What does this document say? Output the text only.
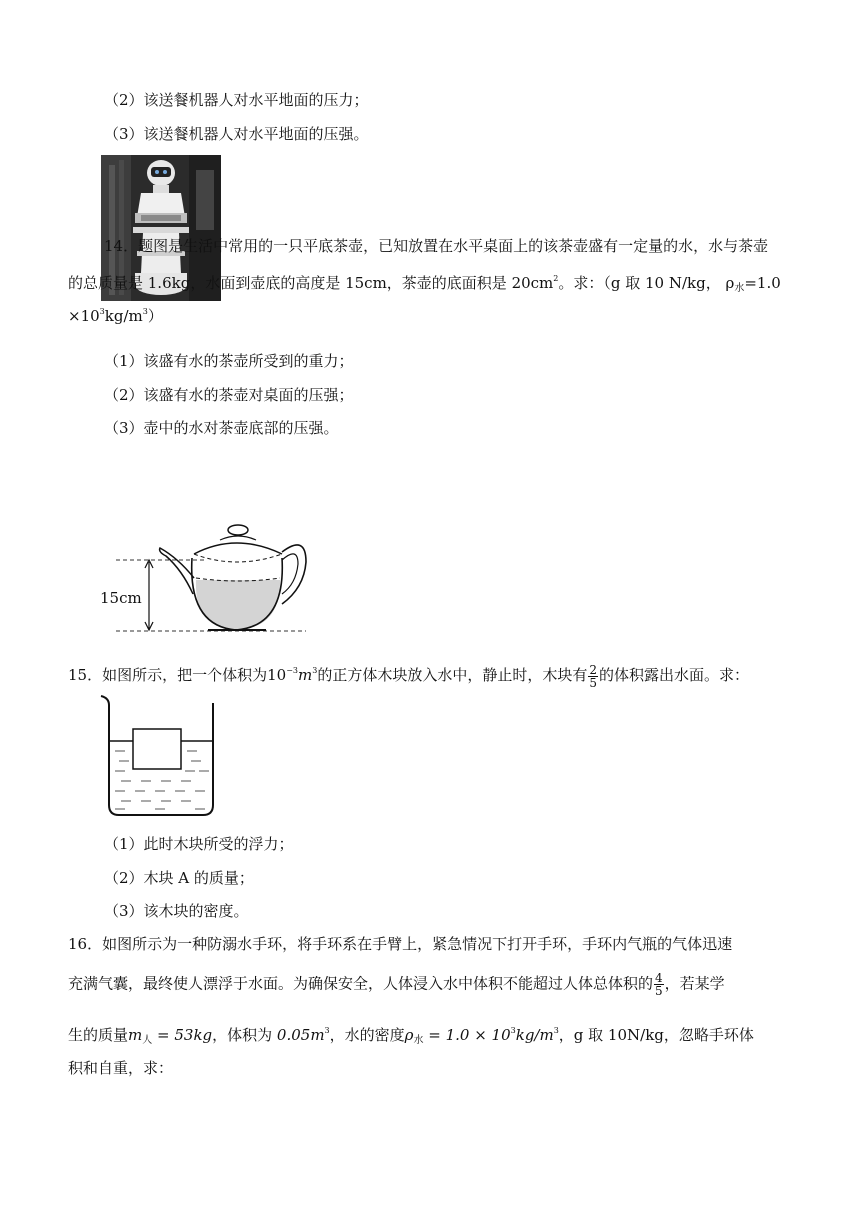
（2）该送餐机器人对水平地面的压力；
（3）该送餐机器人对水平地面的压强。
14．题图是生活中常用的一只平底茶壶，已知放置在水平桌面上的该茶壶盛有一定量的水，水与茶壶
的总质量是 1.6kg，水面到壶底的高度是 15cm，茶壶的底面积是 $20cm^2$。求：（g 取 10 N/kg， $\rho_水=1.0$
$\times 10^3kg/m^3$）
（1）该盛有水的茶壶所受到的重力；
（2）该盛有水的茶壶对桌面的压强；
（3）壶中的水对茶壶底部的压强。
15cm
15．如图所示，把一个体积为$10^{-3}m^3$的正方体木块放入水中，静止时，木块有 $\frac{2}{5}$ 的体积露出水面。求：
（1）此时木块所受的浮力；
（2）木块 A 的质量；
（3）该木块的密度。
16．如图所示为一种防溺水手环，将手环系在手臂上，紧急情况下打开手环，手环内气瓶的气体迅速
充满气囊，最终使人漂浮于水面。为确保安全，人体浸入水中体积不能超过人体总体积的 $\frac{4}{5}$ ，若某学
生的质量$m_人 = 53kg$，体积为 $0.05m^3$，水的密度$\rho_水 = 1.0 \times 10^3kg/m^3$，g 取 10N/kg，忽略手环体
积和自重，求：
